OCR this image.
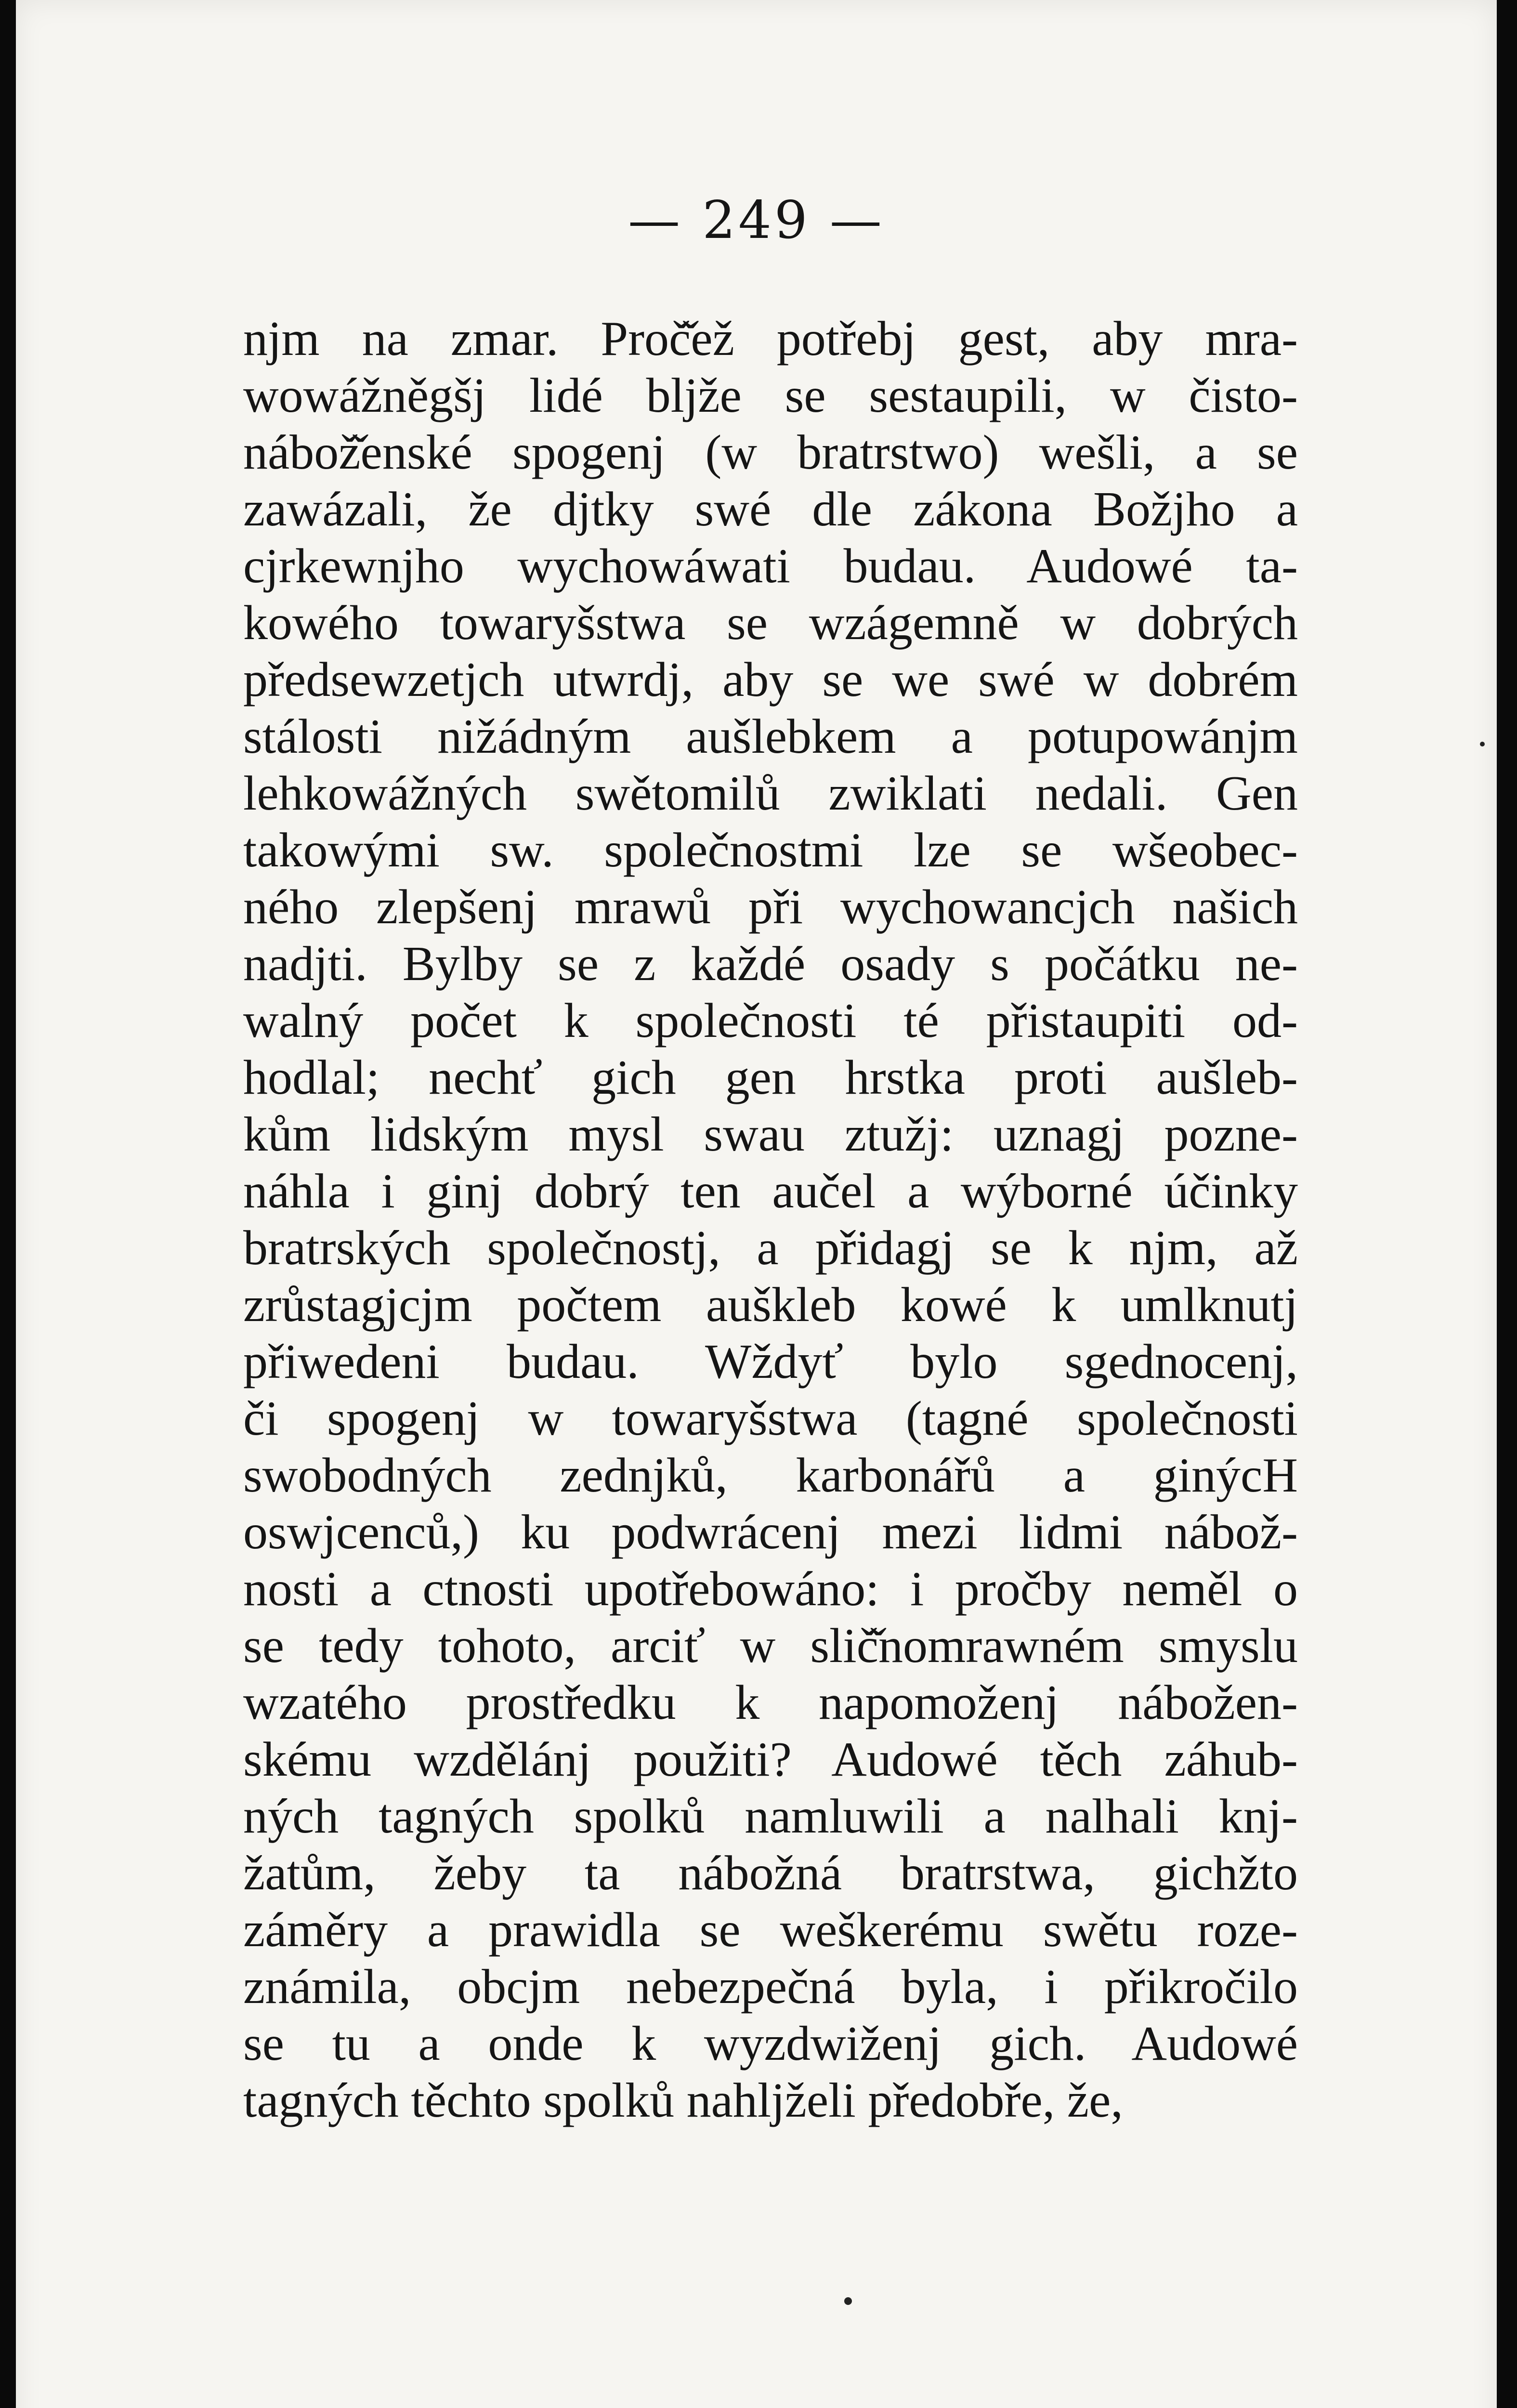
— 249 —
njm na zmar. Proč̌ež potřebj gest, aby mra-
wowážněgšj lidé bljže se sestaupili, w čisto-
nábož̌enské spogenj (w bratrstwo) wešli, a se
zawázali, že djtky swé dle zákona Božjho a
cjrkewnjho wychowáwati budau. Audowé ta-
kowého towaryšstwa se wzágemně w dobrých
předsewzetjch utwrdj, aby se we swé w dobrém
stálosti nižádným aušlebkem a potupowánjm
lehkowážných swětomilů zwiklati nedali. Gen
takowými sw. společnostmi lze se wšeobec-
ného zlepšenj mrawů při wychowancjch našich
nadjti. Bylby se z každé osady s počátku ne-
walný počet k společnosti té přistaupiti od-
hodlal; nechť gich gen hrstka proti aušleb-
kům lidským mysl swau ztužj: uznagj pozne-
náhla i ginj dobrý ten aučel a wýborné účinky
bratrských společnostj, a přidagj se k njm, až
zrůstagjcjm počtem auškleb kowé k umlknutj
přiwedeni budau. Wždyť bylo sgednocenj,
či spogenj w towaryšstwa (tagné společnosti
swobodných zednjků, karbonářů a ginýcH
oswjcenců,) ku podwrácenj mezi lidmi nábož-
nosti a ctnosti upotřebowáno: i pročby neměl o
se tedy tohoto, arciť w slič̌nomrawném smyslu
wzatého prostředku k napomoženj nábožen-
skému wzdělánj použiti? Audowé těch záhub-
ných tagných spolků namluwili a nalhali knj-
žatům, žeby ta nábožná bratrstwa, gichžto
záměry a prawidla se weškerému swětu roze-
známila, obcjm nebezpečná byla, i přikročilo
se tu a onde k wyzdwiženj gich. Audowé
tagných těchto spolků nahljželi předobře, že,
